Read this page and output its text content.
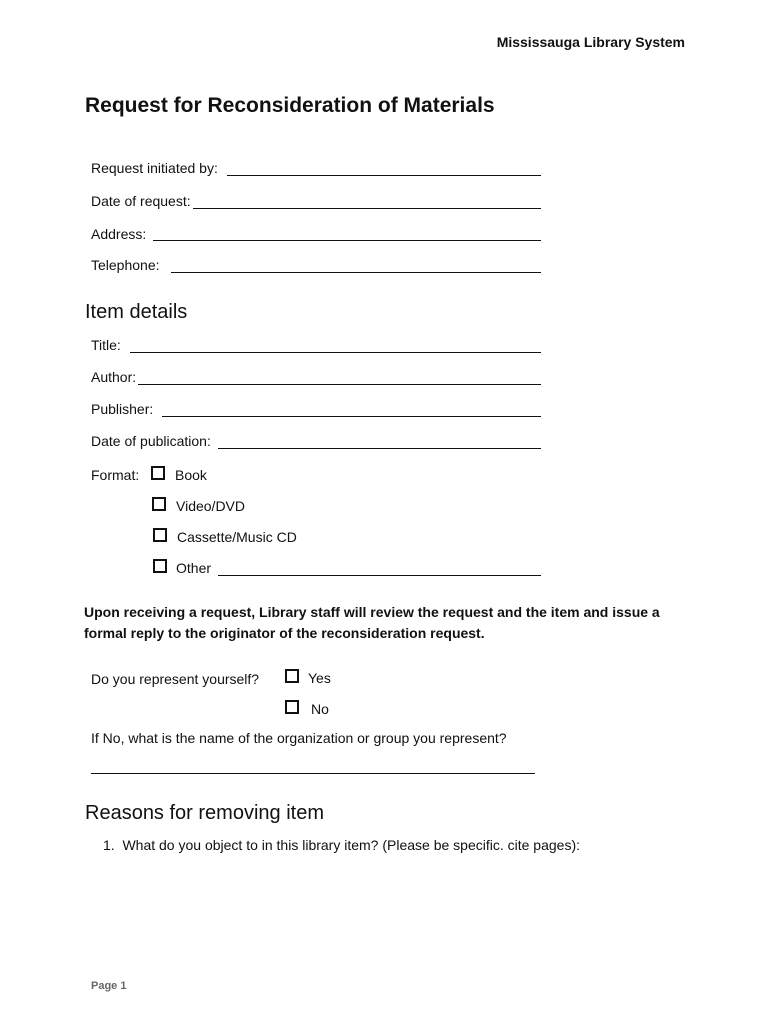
Mississauga Library System
Request for Reconsideration of Materials
Request initiated by:
Date of request:
Address:
Telephone:
Item details
Title:
Author:
Publisher:
Date of publication:
Format:	Book
Video/DVD
Cassette/Music CD
Other
Upon receiving a request, Library staff will review the request and the item and issue a formal reply to the originator of the reconsideration request.
Do you represent yourself?	Yes
No
If No, what is the name of the organization or group you represent?
Reasons for removing item
1.  What do you object to in this library item? (Please be specific. cite pages):
Page 1
